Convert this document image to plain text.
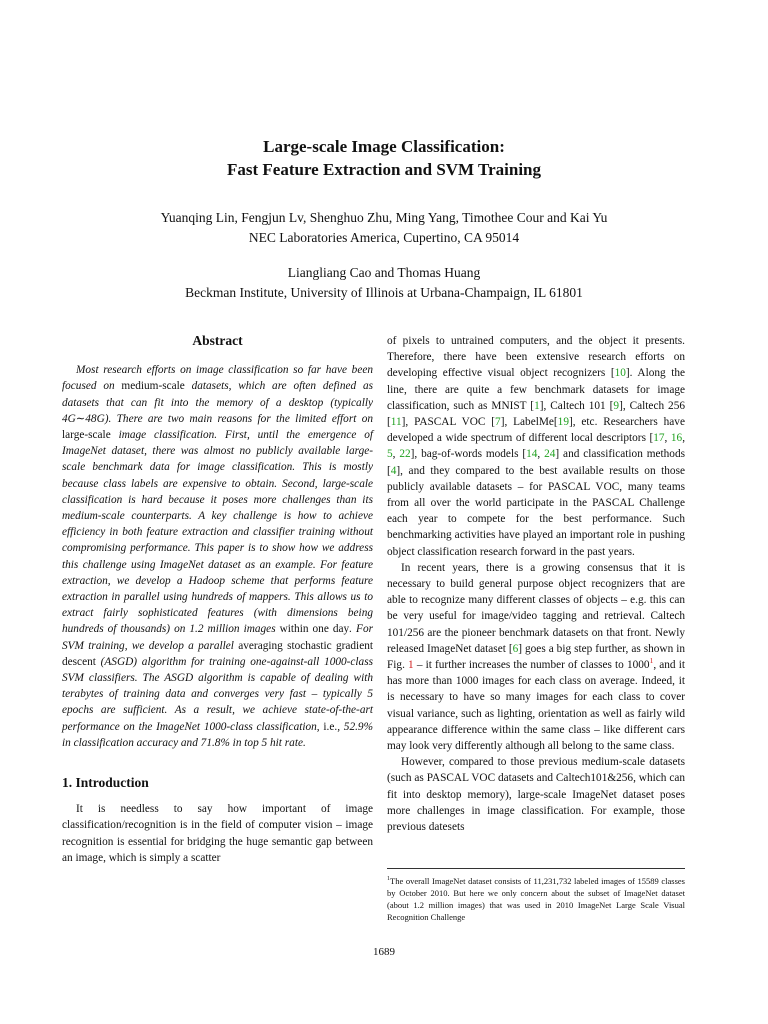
Large-scale Image Classification:
Fast Feature Extraction and SVM Training
Yuanqing Lin, Fengjun Lv, Shenghuo Zhu, Ming Yang, Timothee Cour and Kai Yu
NEC Laboratories America, Cupertino, CA 95014
Liangliang Cao and Thomas Huang
Beckman Institute, University of Illinois at Urbana-Champaign, IL 61801
Abstract

Most research efforts on image classification so far have been focused on medium-scale datasets, which are often defined as datasets that can fit into the memory of a desktop (typically 4G∼48G). There are two main reasons for the limited effort on large-scale image classification. First, until the emergence of ImageNet dataset, there was almost no publicly available large-scale benchmark data for image classification. This is mostly because class labels are expensive to obtain. Second, large-scale classification is hard because it poses more challenges than its medium-scale counterparts. A key challenge is how to achieve efficiency in both feature extraction and classifier training without compromising performance. This paper is to show how we address this challenge using ImageNet dataset as an example. For feature extraction, we develop a Hadoop scheme that performs feature extraction in parallel using hundreds of mappers. This allows us to extract fairly sophisticated features (with dimensions being hundreds of thousands) on 1.2 million images within one day. For SVM training, we develop a parallel averaging stochastic gradient descent (ASGD) algorithm for training one-against-all 1000-class SVM classifiers. The ASGD algorithm is capable of dealing with terabytes of training data and converges very fast – typically 5 epochs are sufficient. As a result, we achieve state-of-the-art performance on the ImageNet 1000-class classification, i.e., 52.9% in classification accuracy and 71.8% in top 5 hit rate.

1. Introduction

It is needless to say how important of image classification/recognition is in the field of computer vision – image recognition is essential for bridging the huge semantic gap between an image, which is simply a scatter

of pixels to untrained computers, and the object it presents. Therefore, there have been extensive research efforts on developing effective visual object recognizers [10]. Along the line, there are quite a few benchmark datasets for image classification, such as MNIST [1], Caltech 101 [9], Caltech 256 [11], PASCAL VOC [7], LabelMe[19], etc. Researchers have developed a wide spectrum of different local descriptors [17, 16, 5, 22], bag-of-words models [14, 24] and classification methods [4], and they compared to the best available results on those publicly available datasets – for PASCAL VOC, many teams from all over the world participate in the PASCAL Challenge each year to compete for the best performance. Such benchmarking activities have played an important role in pushing object classification research forward in the past years.

In recent years, there is a growing consensus that it is necessary to build general purpose object recognizers that are able to recognize many different classes of objects – e.g. this can be very useful for image/video tagging and retrieval. Caltech 101/256 are the pioneer benchmark datasets on that front. Newly released ImageNet dataset [6] goes a big step further, as shown in Fig. 1 – it further increases the number of classes to 1000$^1$, and it has more than 1000 images for each class on average. Indeed, it is necessary to have so many images for each class to cover visual variance, such as lighting, orientation as well as fairly wild appearance difference within the same class – like different cars may look very differently although all belong to the same class.

However, compared to those previous medium-scale datasets (such as PASCAL VOC datasets and Caltech101&256, which can fit into desktop memory), large-scale ImageNet dataset poses more challenges in image classification. For example, those previous datesets

$^1$The overall ImageNet dataset consists of 11,231,732 labeled images of 15589 classes by October 2010. But here we only concern about the subset of ImageNet dataset (about 1.2 million images) that was used in 2010 ImageNet Large Scale Visual Recognition Challenge
1689
